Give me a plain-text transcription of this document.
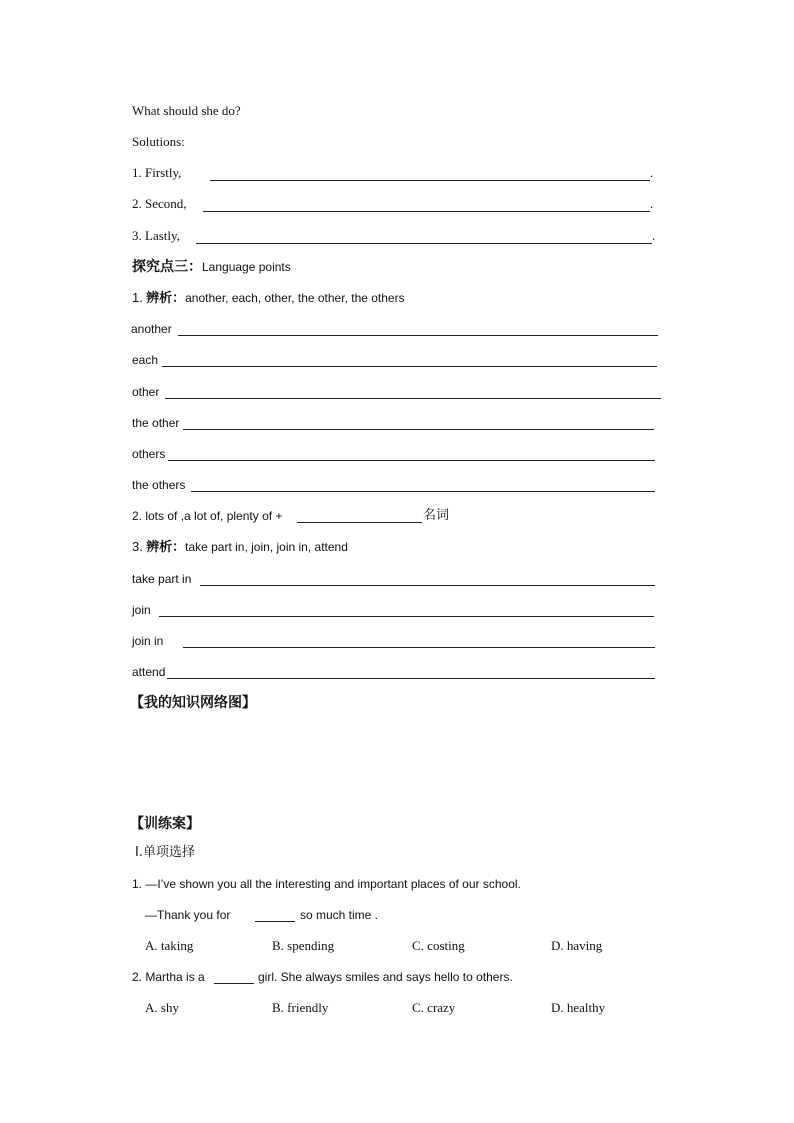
What should she do?
Solutions:
1. Firstly,	.
2. Second,	.
3. Lastly,	.
探究点三：Language points
1. 辨析：another, each, other, the other, the others
another
each
other
the other
others
the others
2. lots of ,a lot of, plenty of +	名词
3. 辨析：take part in, join, join in, attend
take part in
join
join in
attend
【我的知识网络图】
【训练案】
Ⅰ.单项选择
1. —I’ve shown you all the interesting and important places of our school.
—Thank you for	so much time .
A. taking	B. spending	C. costing	D. having
2. Martha is a	girl. She always smiles and says hello to others.
A. shy	B. friendly	C. crazy	D. healthy
